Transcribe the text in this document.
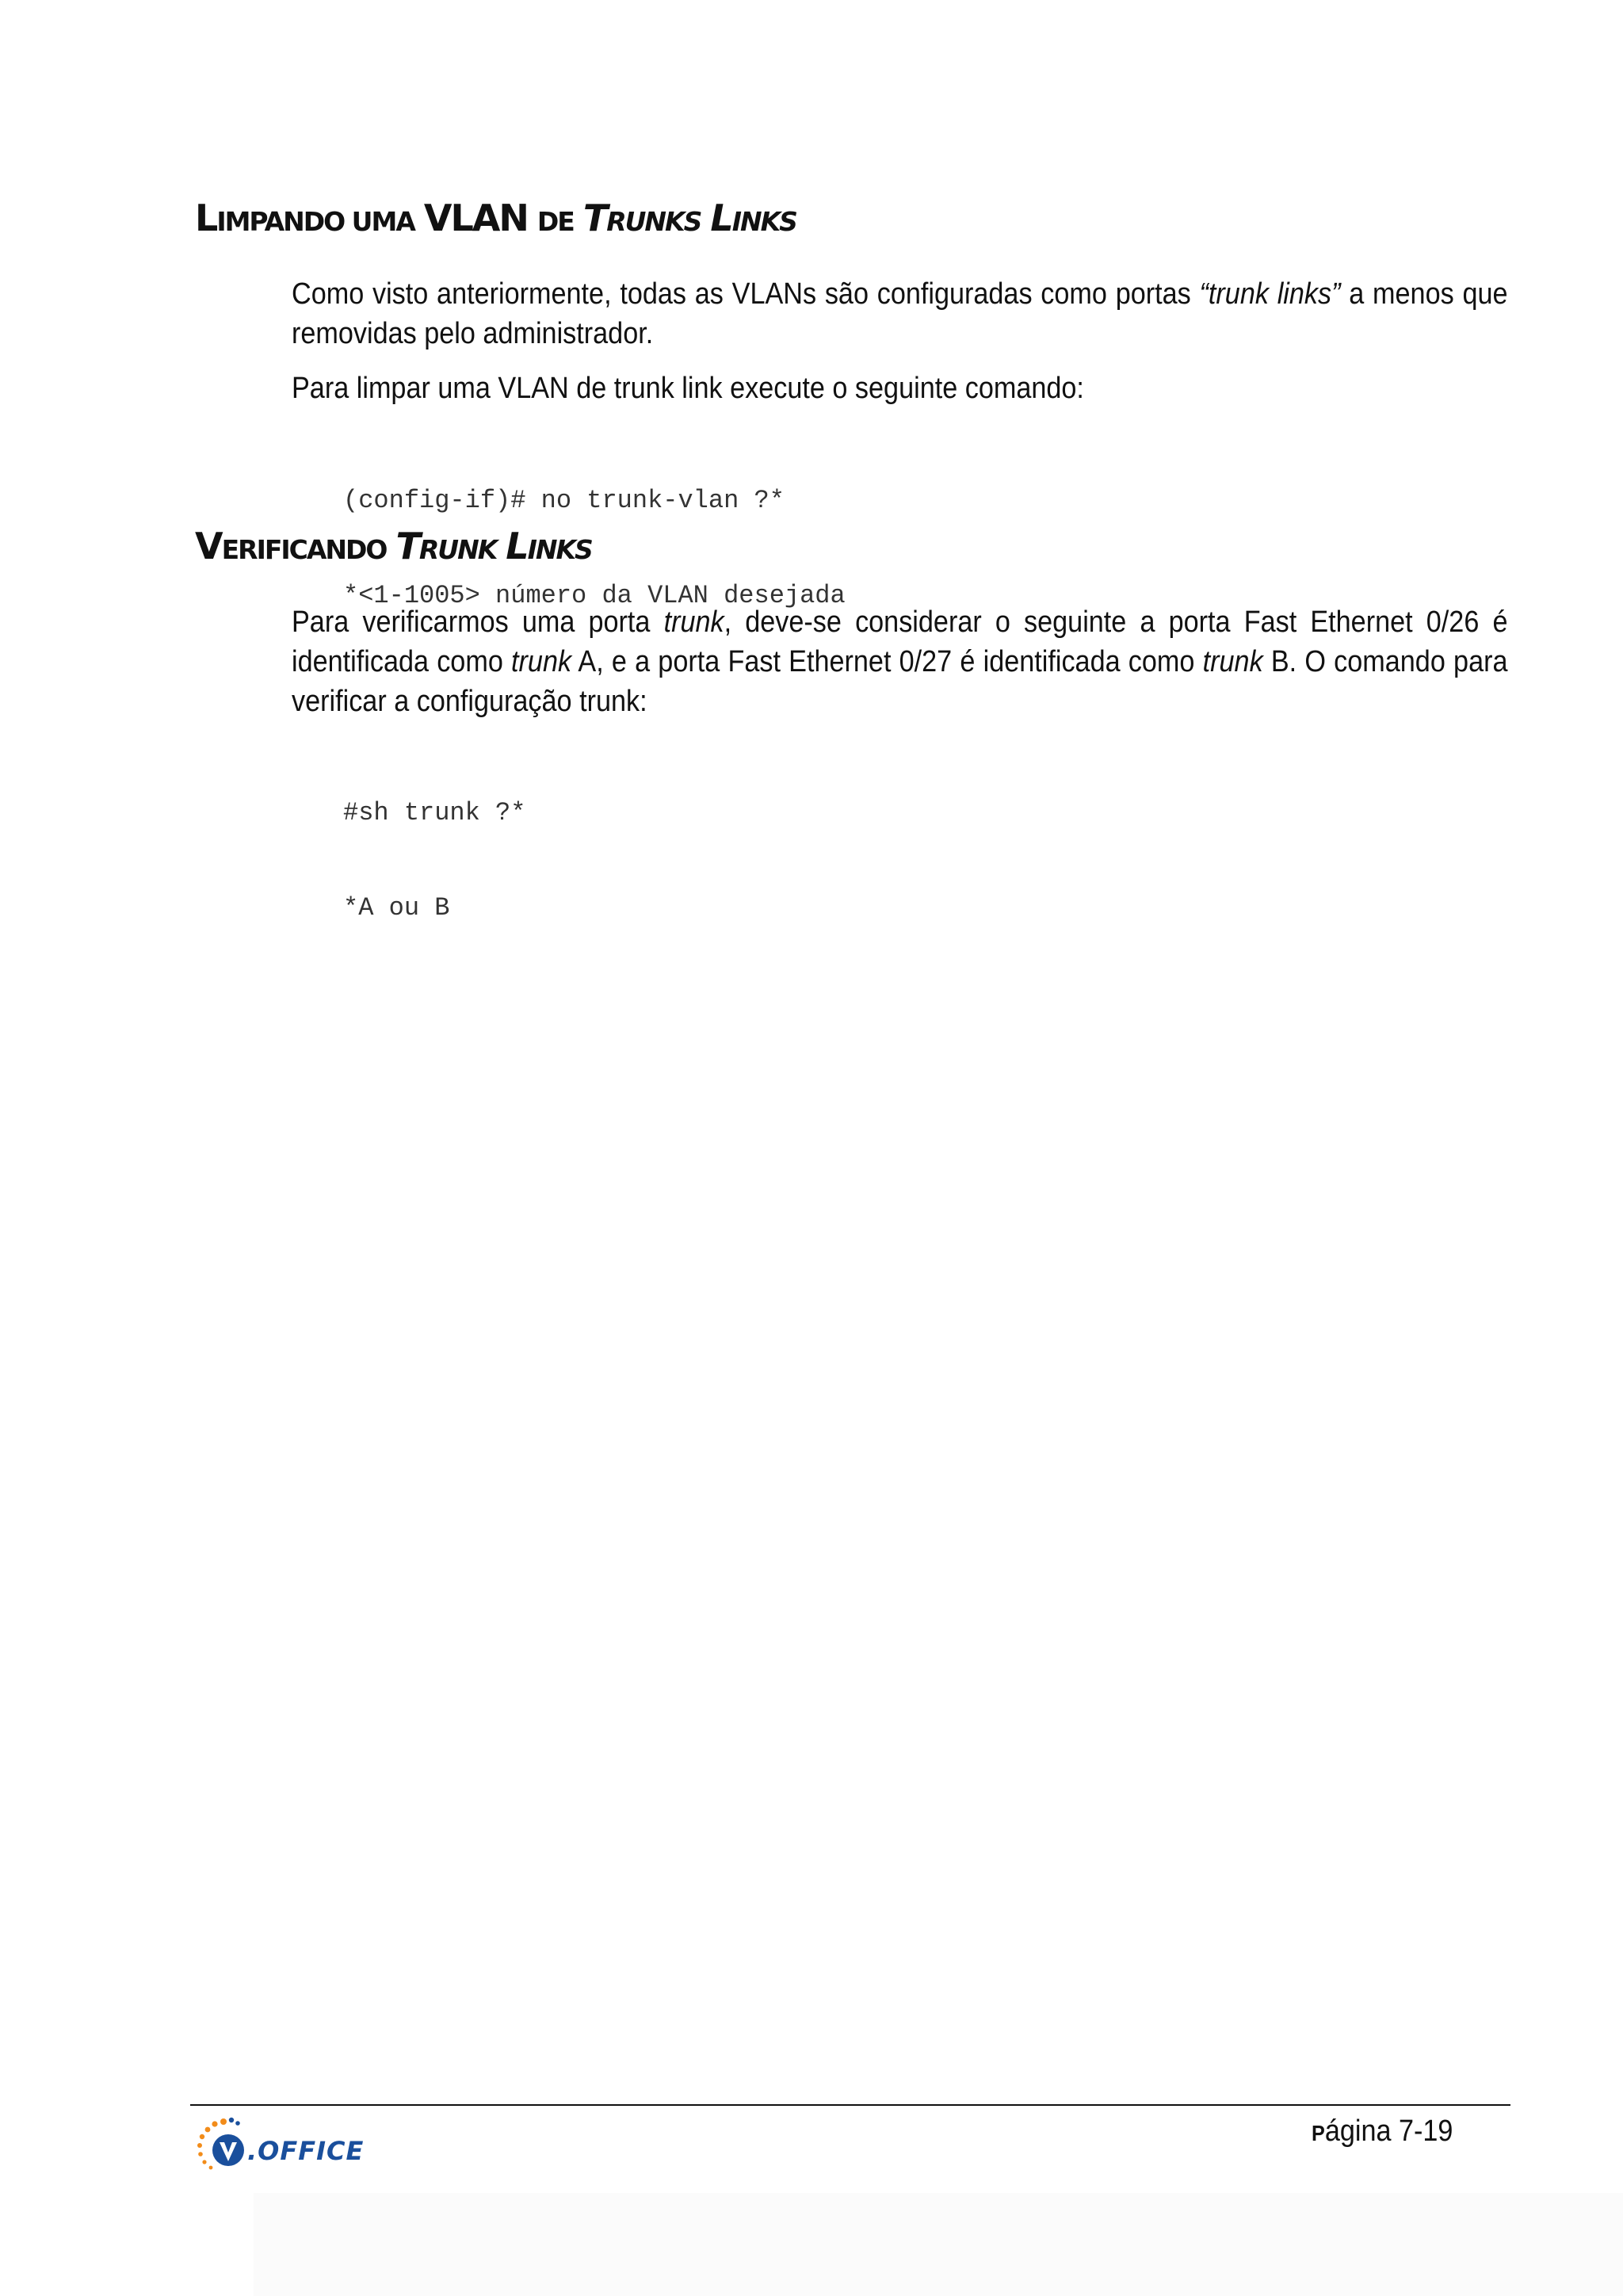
LIMPANDO UMA VLAN DE TRUNKS LINKS

Como visto anteriormente, todas as VLANs são configuradas como portas “trunk links” a menos que removidas pelo administrador.

Para limpar uma VLAN de trunk link execute o seguinte comando:

(config-if)# no trunk-vlan ?*

*<1-1005> número da VLAN desejada

VERIFICANDO TRUNK LINKS

Para verificarmos uma porta trunk, deve-se considerar o seguinte a porta Fast Ethernet 0/26 é identificada como trunk A, e a porta Fast Ethernet 0/27 é identificada como trunk B. O comando para verificar a configuração trunk:

#sh trunk ?*

*A ou B

.OFFICE
Página 7-19
